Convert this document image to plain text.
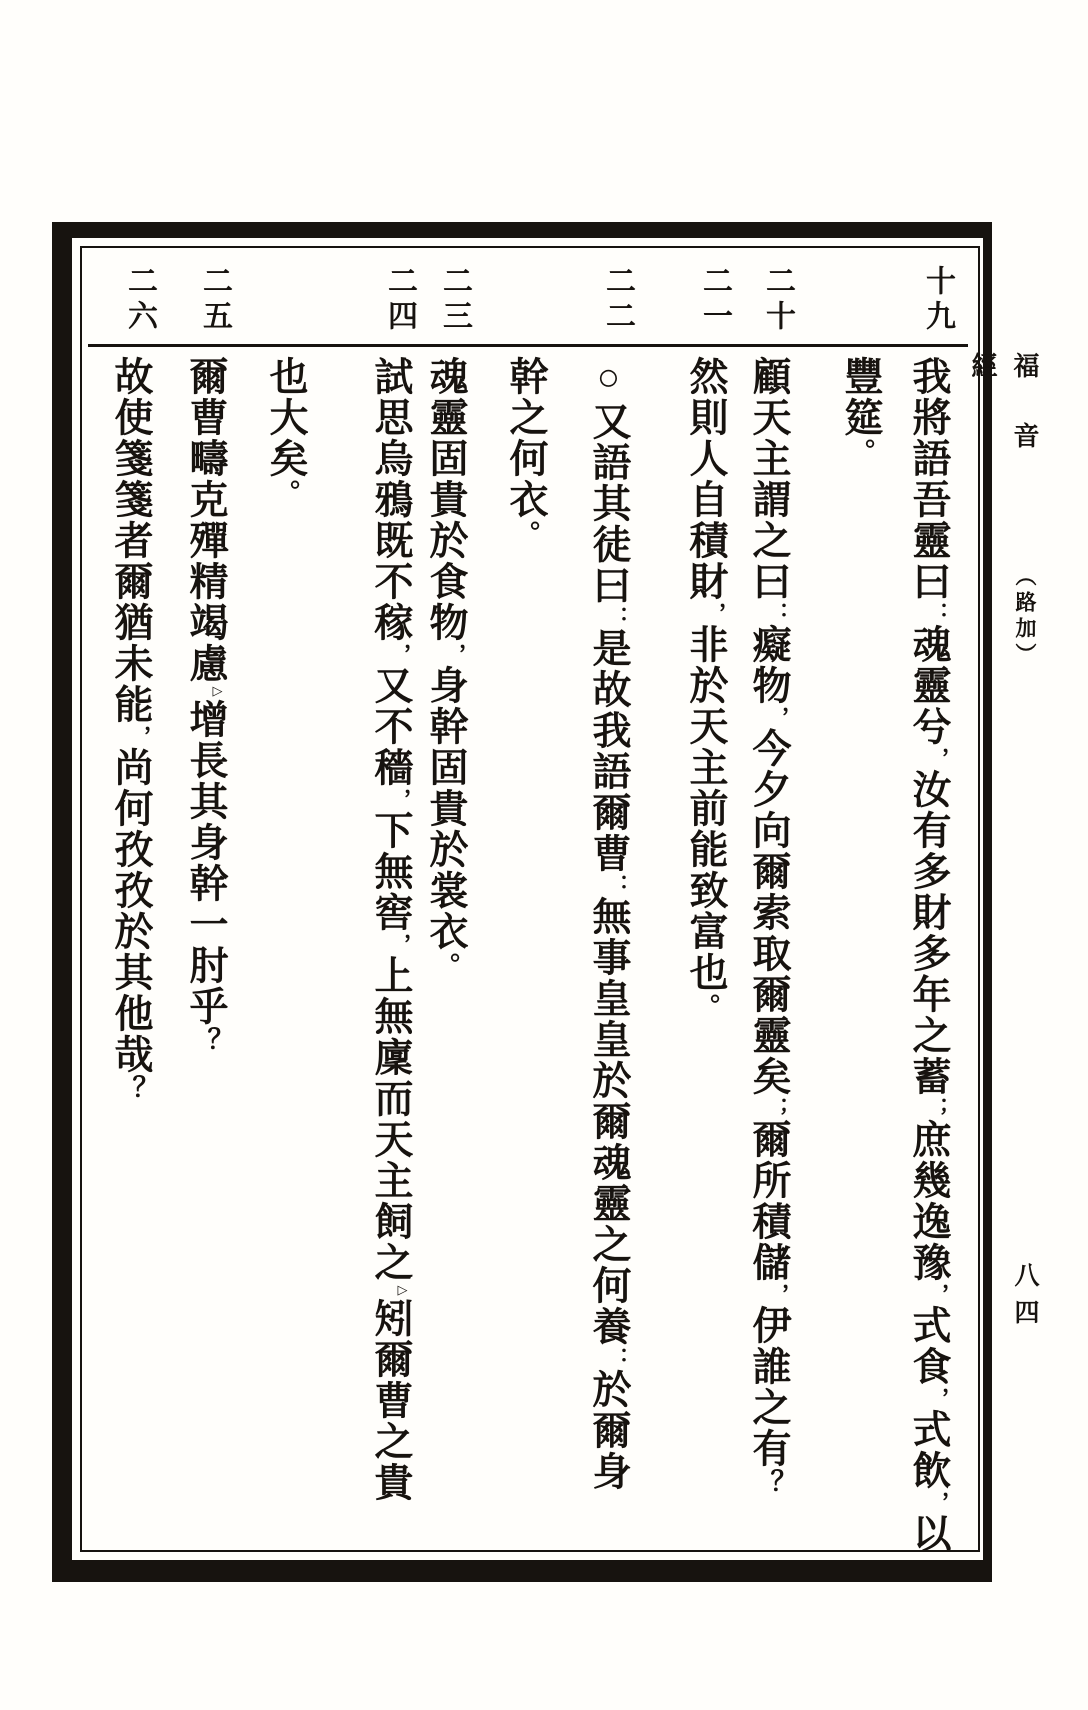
福音經
（路加）
八四
十九
我將語吾靈曰：魂靈兮，汝有多財多年之蓄；庶幾逸豫，式食，式飲，以
豐筵。
二十
顧天主謂之曰：癡物，今夕向爾索取爾靈矣；爾所積儲，伊誰之有？
二一
然則人自積財，非於天主前能致富也。
二二
○又語其徒曰：是故我語爾曹：無事皇皇於爾魂靈之何養：於爾身
幹之何衣。
二三
魂靈固貴於食物，身幹固貴於裳衣。
二四
試思烏鴉既不稼，又不穡，下無窖，上無廩而天主飼之▷矧爾曹之貴
也大矣。
二五
爾曹疇克殫精竭慮▷增長其身幹一肘乎？
二六
故使箋箋者爾猶未能，尚何孜孜於其他哉？
